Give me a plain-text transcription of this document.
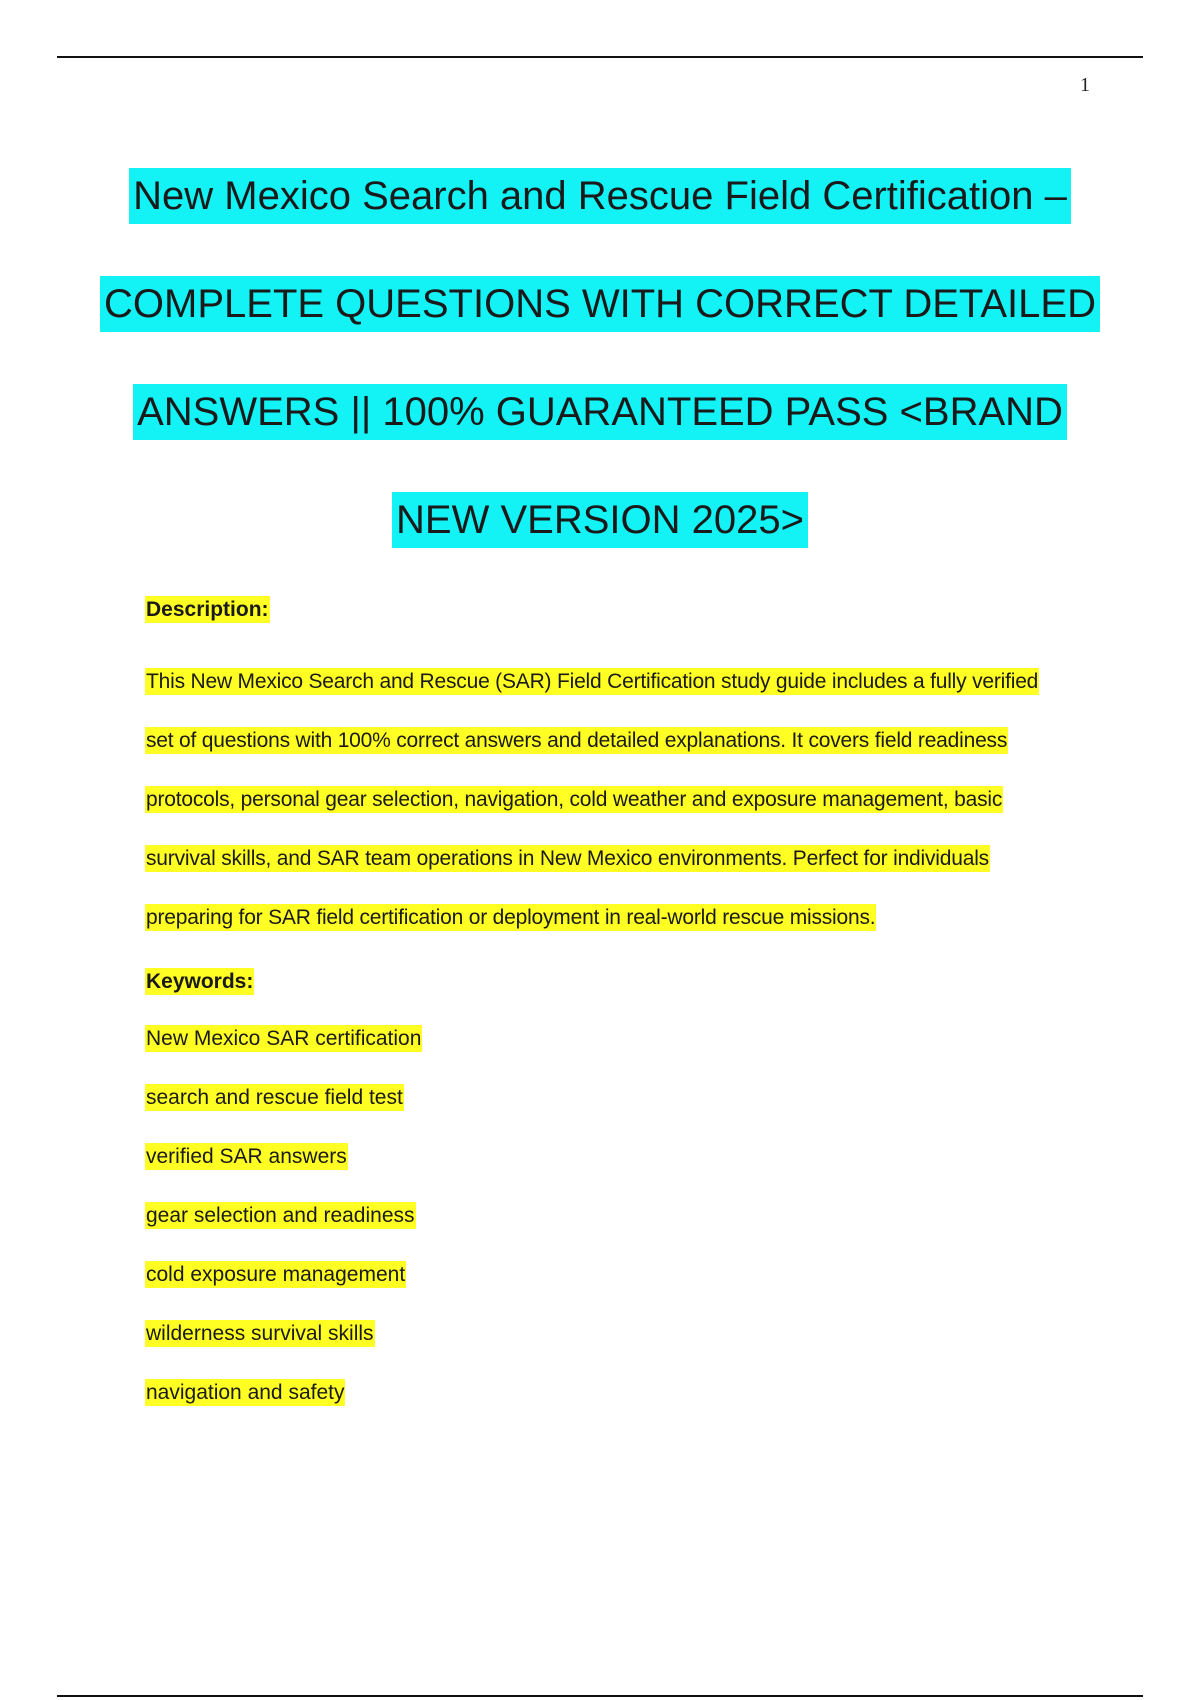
1
New Mexico Search and Rescue Field Certification –
COMPLETE QUESTIONS WITH CORRECT DETAILED
ANSWERS || 100% GUARANTEED PASS <BRAND
NEW VERSION 2025>
Description:
This New Mexico Search and Rescue (SAR) Field Certification study guide includes a fully verified
set of questions with 100% correct answers and detailed explanations. It covers field readiness
protocols, personal gear selection, navigation, cold weather and exposure management, basic
survival skills, and SAR team operations in New Mexico environments. Perfect for individuals
preparing for SAR field certification or deployment in real-world rescue missions.
Keywords:
New Mexico SAR certification
search and rescue field test
verified SAR answers
gear selection and readiness
cold exposure management
wilderness survival skills
navigation and safety
